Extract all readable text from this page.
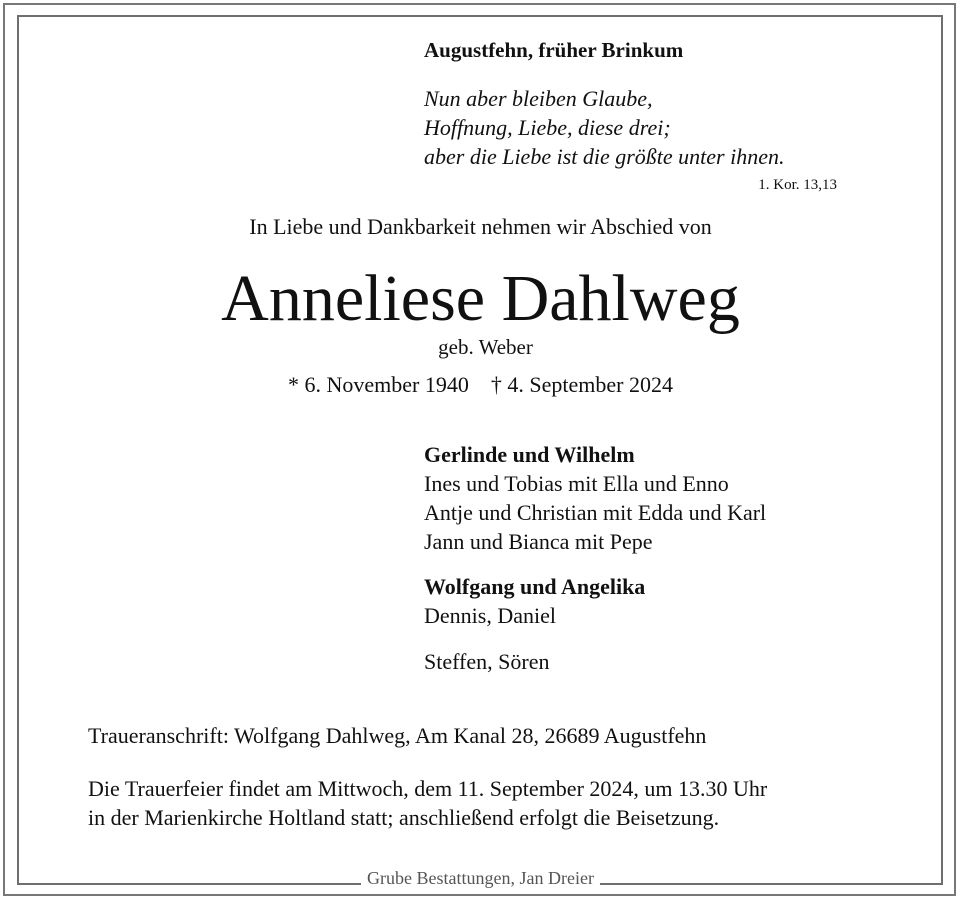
Augustfehn, früher Brinkum
Nun aber bleiben Glaube,
Hoffnung, Liebe, diese drei;
aber die Liebe ist die größte unter ihnen.
1. Kor. 13,13
In Liebe und Dankbarkeit nehmen wir Abschied von
Anneliese Dahlweg
geb. Weber
* 6. November 1940 † 4. September 2024
Gerlinde und Wilhelm
Ines und Tobias mit Ella und Enno
Antje und Christian mit Edda und Karl
Jann und Bianca mit Pepe
Wolfgang und Angelika
Dennis, Daniel
Steffen, Sören
Traueranschrift: Wolfgang Dahlweg, Am Kanal 28, 26689 Augustfehn
Die Trauerfeier findet am Mittwoch, dem 11. September 2024, um 13.30 Uhr
in der Marienkirche Holtland statt; anschließend erfolgt die Beisetzung.
Grube Bestattungen, Jan Dreier
